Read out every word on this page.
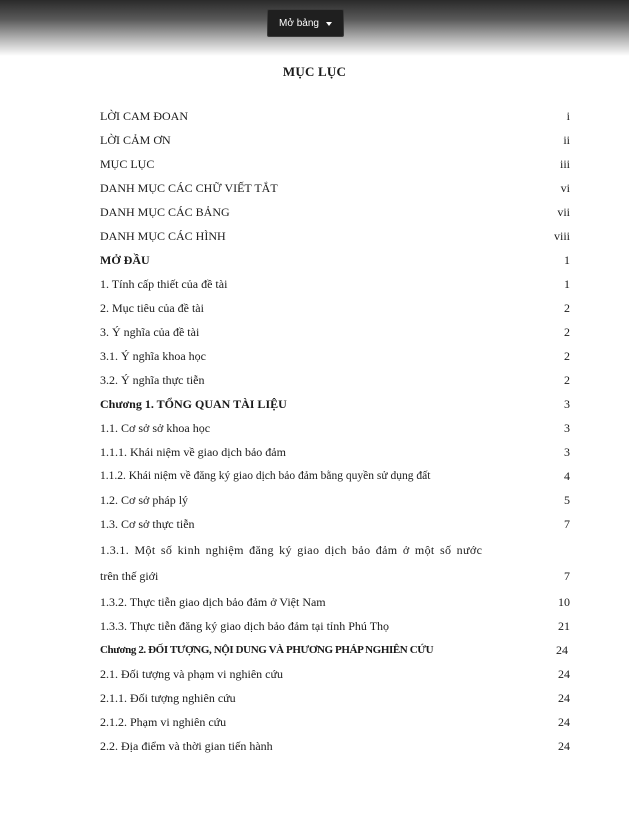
Mở bảng
MỤC LỤC
LỜI CAM ĐOAN	i
LỜI CẢM ƠN	ii
MỤC LỤC	iii
DANH MỤC CÁC CHỮ VIẾT TẮT	vi
DANH MỤC CÁC BẢNG	vii
DANH MỤC CÁC HÌNH	viii
MỞ ĐẦU	1
1. Tính cấp thiết của đề tài	1
2. Mục tiêu của đề tài	2
3. Ý nghĩa của đề tài	2
3.1. Ý nghĩa khoa học	2
3.2. Ý nghĩa thực tiễn	2
Chương 1. TỔNG QUAN TÀI LIỆU	3
1.1. Cơ sở sở khoa học	3
1.1.1. Khái niệm về giao dịch bảo đảm	3
1.1.2. Khái niệm về đăng ký giao dịch bảo đảm bằng quyền sử dụng đất	4
1.2. Cơ sở pháp lý	5
1.3. Cơ sở thực tiễn	7
1.3.1. Một số kinh nghiệm đăng ký giao dịch bảo đảm ở một số nước
trên thế giới	7
1.3.2. Thực tiễn giao dịch bảo đảm ở Việt Nam	10
1.3.3. Thực tiễn đăng ký giao dịch bảo đảm tại tỉnh Phú Thọ	21
Chương 2. ĐỐI TƯỢNG, NỘI DUNG VÀ PHƯƠNG PHÁP NGHIÊN CỨU	24
2.1. Đối tượng và phạm vi nghiên cứu	24
2.1.1. Đối tượng nghiên cứu	24
2.1.2. Phạm vi nghiên cứu	24
2.2. Địa điểm và thời gian tiến hành	24
